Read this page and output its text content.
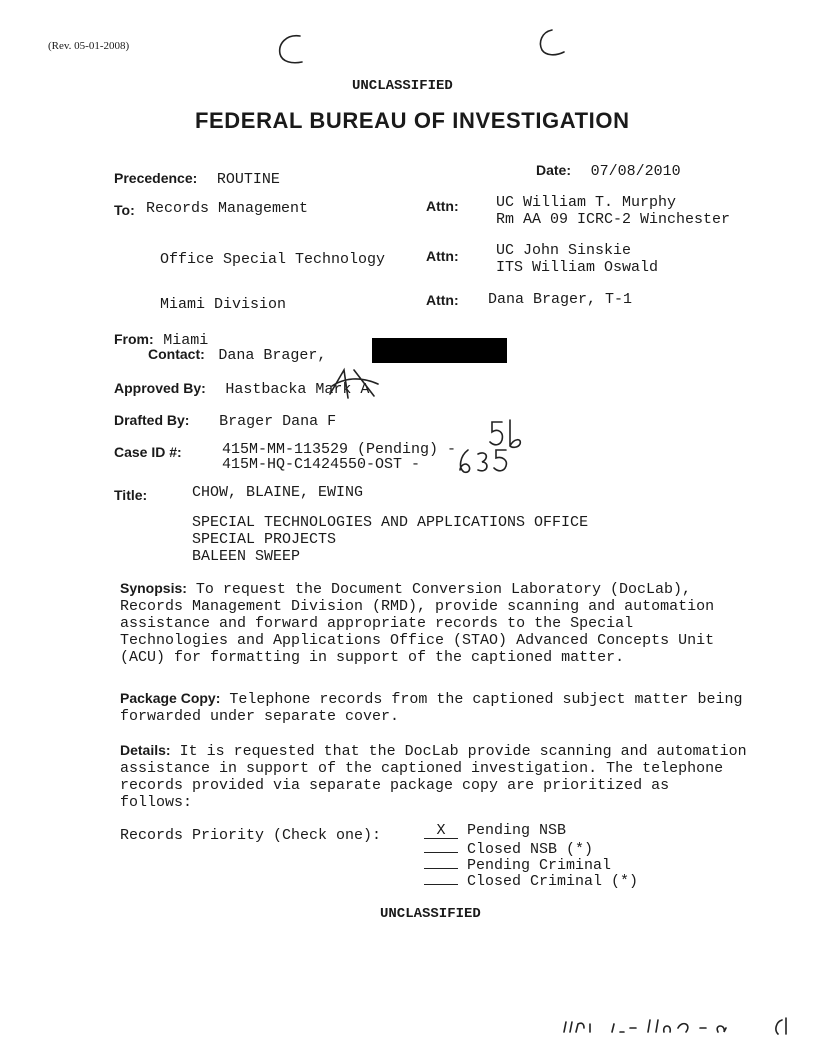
(Rev. 05-01-2008)
UNCLASSIFIED
FEDERAL BUREAU OF INVESTIGATION
Precedence: ROUTINE
Date: 07/08/2010
To: Records Management	Attn: UC William T. Murphy
Rm AA 09 ICRC-2 Winchester
Office Special Technology	Attn: UC John Sinskie
ITS William Oswald
Miami Division	Attn: Dana Brager, T-1
From: Miami
Contact: Dana Brager,
Approved By: Hastbacka Mark A
Drafted By: Brager Dana F
Case ID #:	415M-MM-113529 (Pending) -
415M-HQ-C1424550-OST -
Title:	CHOW, BLAINE, EWING
SPECIAL TECHNOLOGIES AND APPLICATIONS OFFICE
SPECIAL PROJECTS
BALEEN SWEEP
Synopsis: To request the Document Conversion Laboratory (DocLab), Records Management Division (RMD), provide scanning and automation assistance and forward appropriate records to the Special Technologies and Applications Office (STAO) Advanced Concepts Unit (ACU) for formatting in support of the captioned matter.
Package Copy: Telephone records from the captioned subject matter being forwarded under separate cover.
Details: It is requested that the DocLab provide scanning and automation assistance in support of the captioned investigation. The telephone records provided via separate package copy are prioritized as follows:
Records Priority (Check one):	X Pending NSB
Closed NSB (*)
Pending Criminal
Closed Criminal (*)
UNCLASSIFIED
